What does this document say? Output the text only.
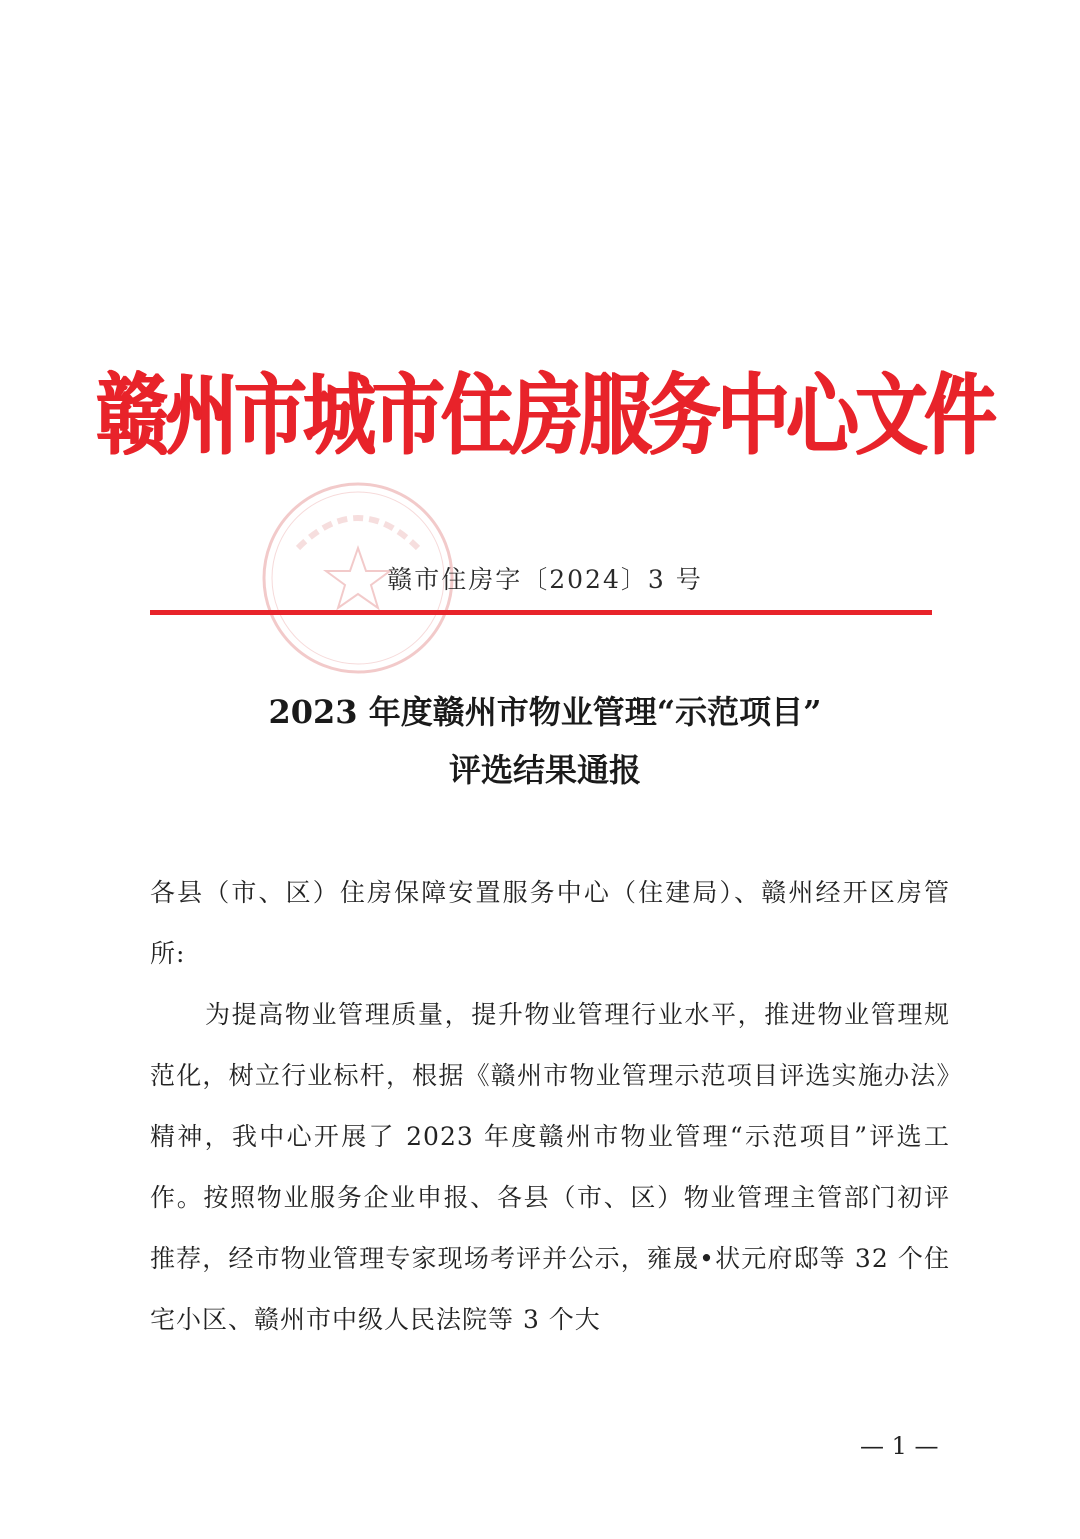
赣州市城市住房服务中心文件
赣市住房字〔2024〕3 号
2023 年度赣州市物业管理“示范项目”
评选结果通报

各县（市、区）住房保障安置服务中心（住建局）、赣州经开区房管所:

为提高物业管理质量，提升物业管理行业水平，推进物业管理规范化，树立行业标杆，根据《赣州市物业管理示范项目评选实施办法》精神，我中心开展了 2023 年度赣州市物业管理“示范项目”评选工作。按照物业服务企业申报、各县（市、区）物业管理主管部门初评推荐，经市物业管理专家现场考评并公示，雍晟•状元府邸等 32 个住宅小区、赣州市中级人民法院等 3 个大

— 1 —
